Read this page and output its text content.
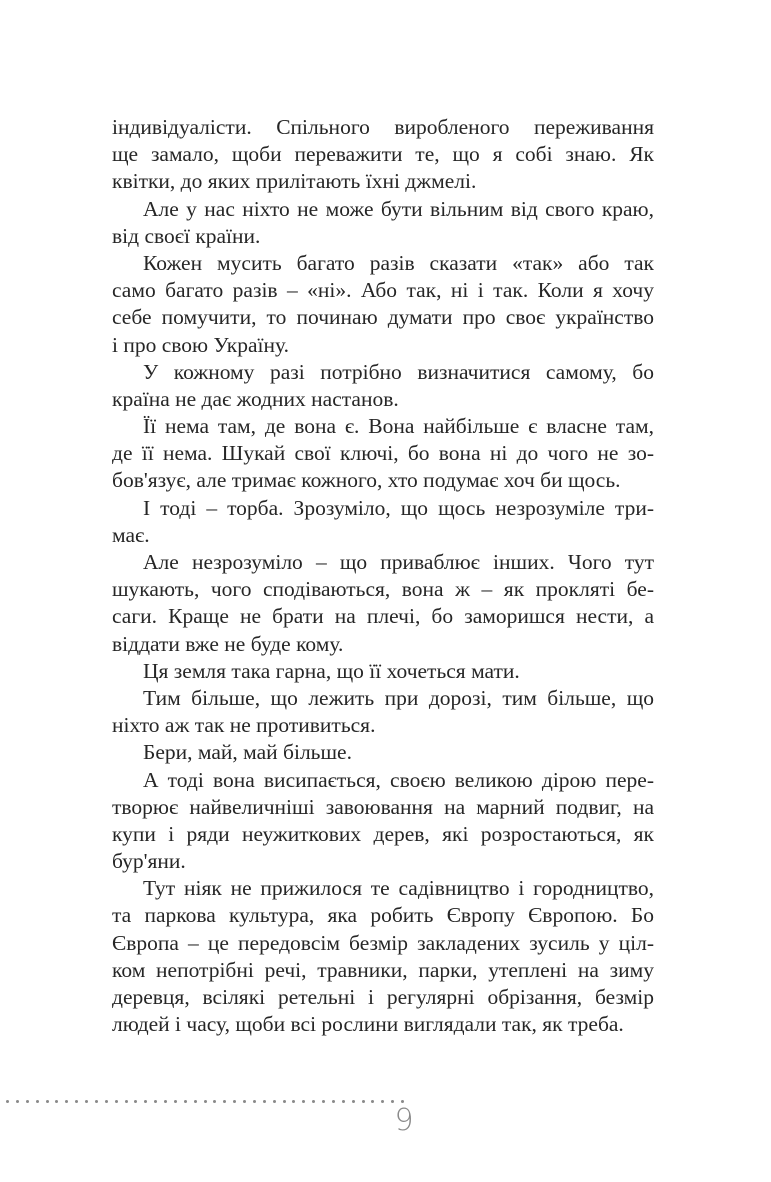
індивідуалісти. Спільного виробленого переживання
ще замало, щоби переважити те, що я собі знаю. Як
квітки, до яких прилітають їхні джмелі.
Але у нас ніхто не може бути вільним від свого краю,
від своєї країни.
Кожен мусить багато разів сказати «так» або так
само багато разів – «ні». Або так, ні і так. Коли я хочу
себе помучити, то починаю думати про своє українство
і про свою Україну.
У кожному разі потрібно визначитися самому, бо
країна не дає жодних настанов.
Її нема там, де вона є. Вона найбільше є власне там,
де її нема. Шукай свої ключі, бо вона ні до чого не зо-
бов'язує, але тримає кожного, хто подумає хоч би щось.
І тоді – торба. Зрозуміло, що щось незрозуміле три-
має.
Але незрозуміло – що приваблює інших. Чого тут
шукають, чого сподіваються, вона ж – як прокляті бе-
саги. Краще не брати на плечі, бо заморишся нести, а
віддати вже не буде кому.
Ця земля така гарна, що її хочеться мати.
Тим більше, що лежить при дорозі, тим більше, що
ніхто аж так не противиться.
Бери, май, май більше.
А тоді вона висипається, своєю великою дірою пере-
творює найвеличніші завоювання на марний подвиг, на
купи і ряди неужиткових дерев, які розростаються, як
бур'яни.
Тут ніяк не прижилося те садівництво і городництво,
та паркова культура, яка робить Європу Європою. Бо
Європа – це передовсім безмір закладених зусиль у ціл-
ком непотрібні речі, травники, парки, утеплені на зиму
деревця, всілякі ретельні і регулярні обрізання, безмір
людей і часу, щоби всі рослини виглядали так, як треба.
9
